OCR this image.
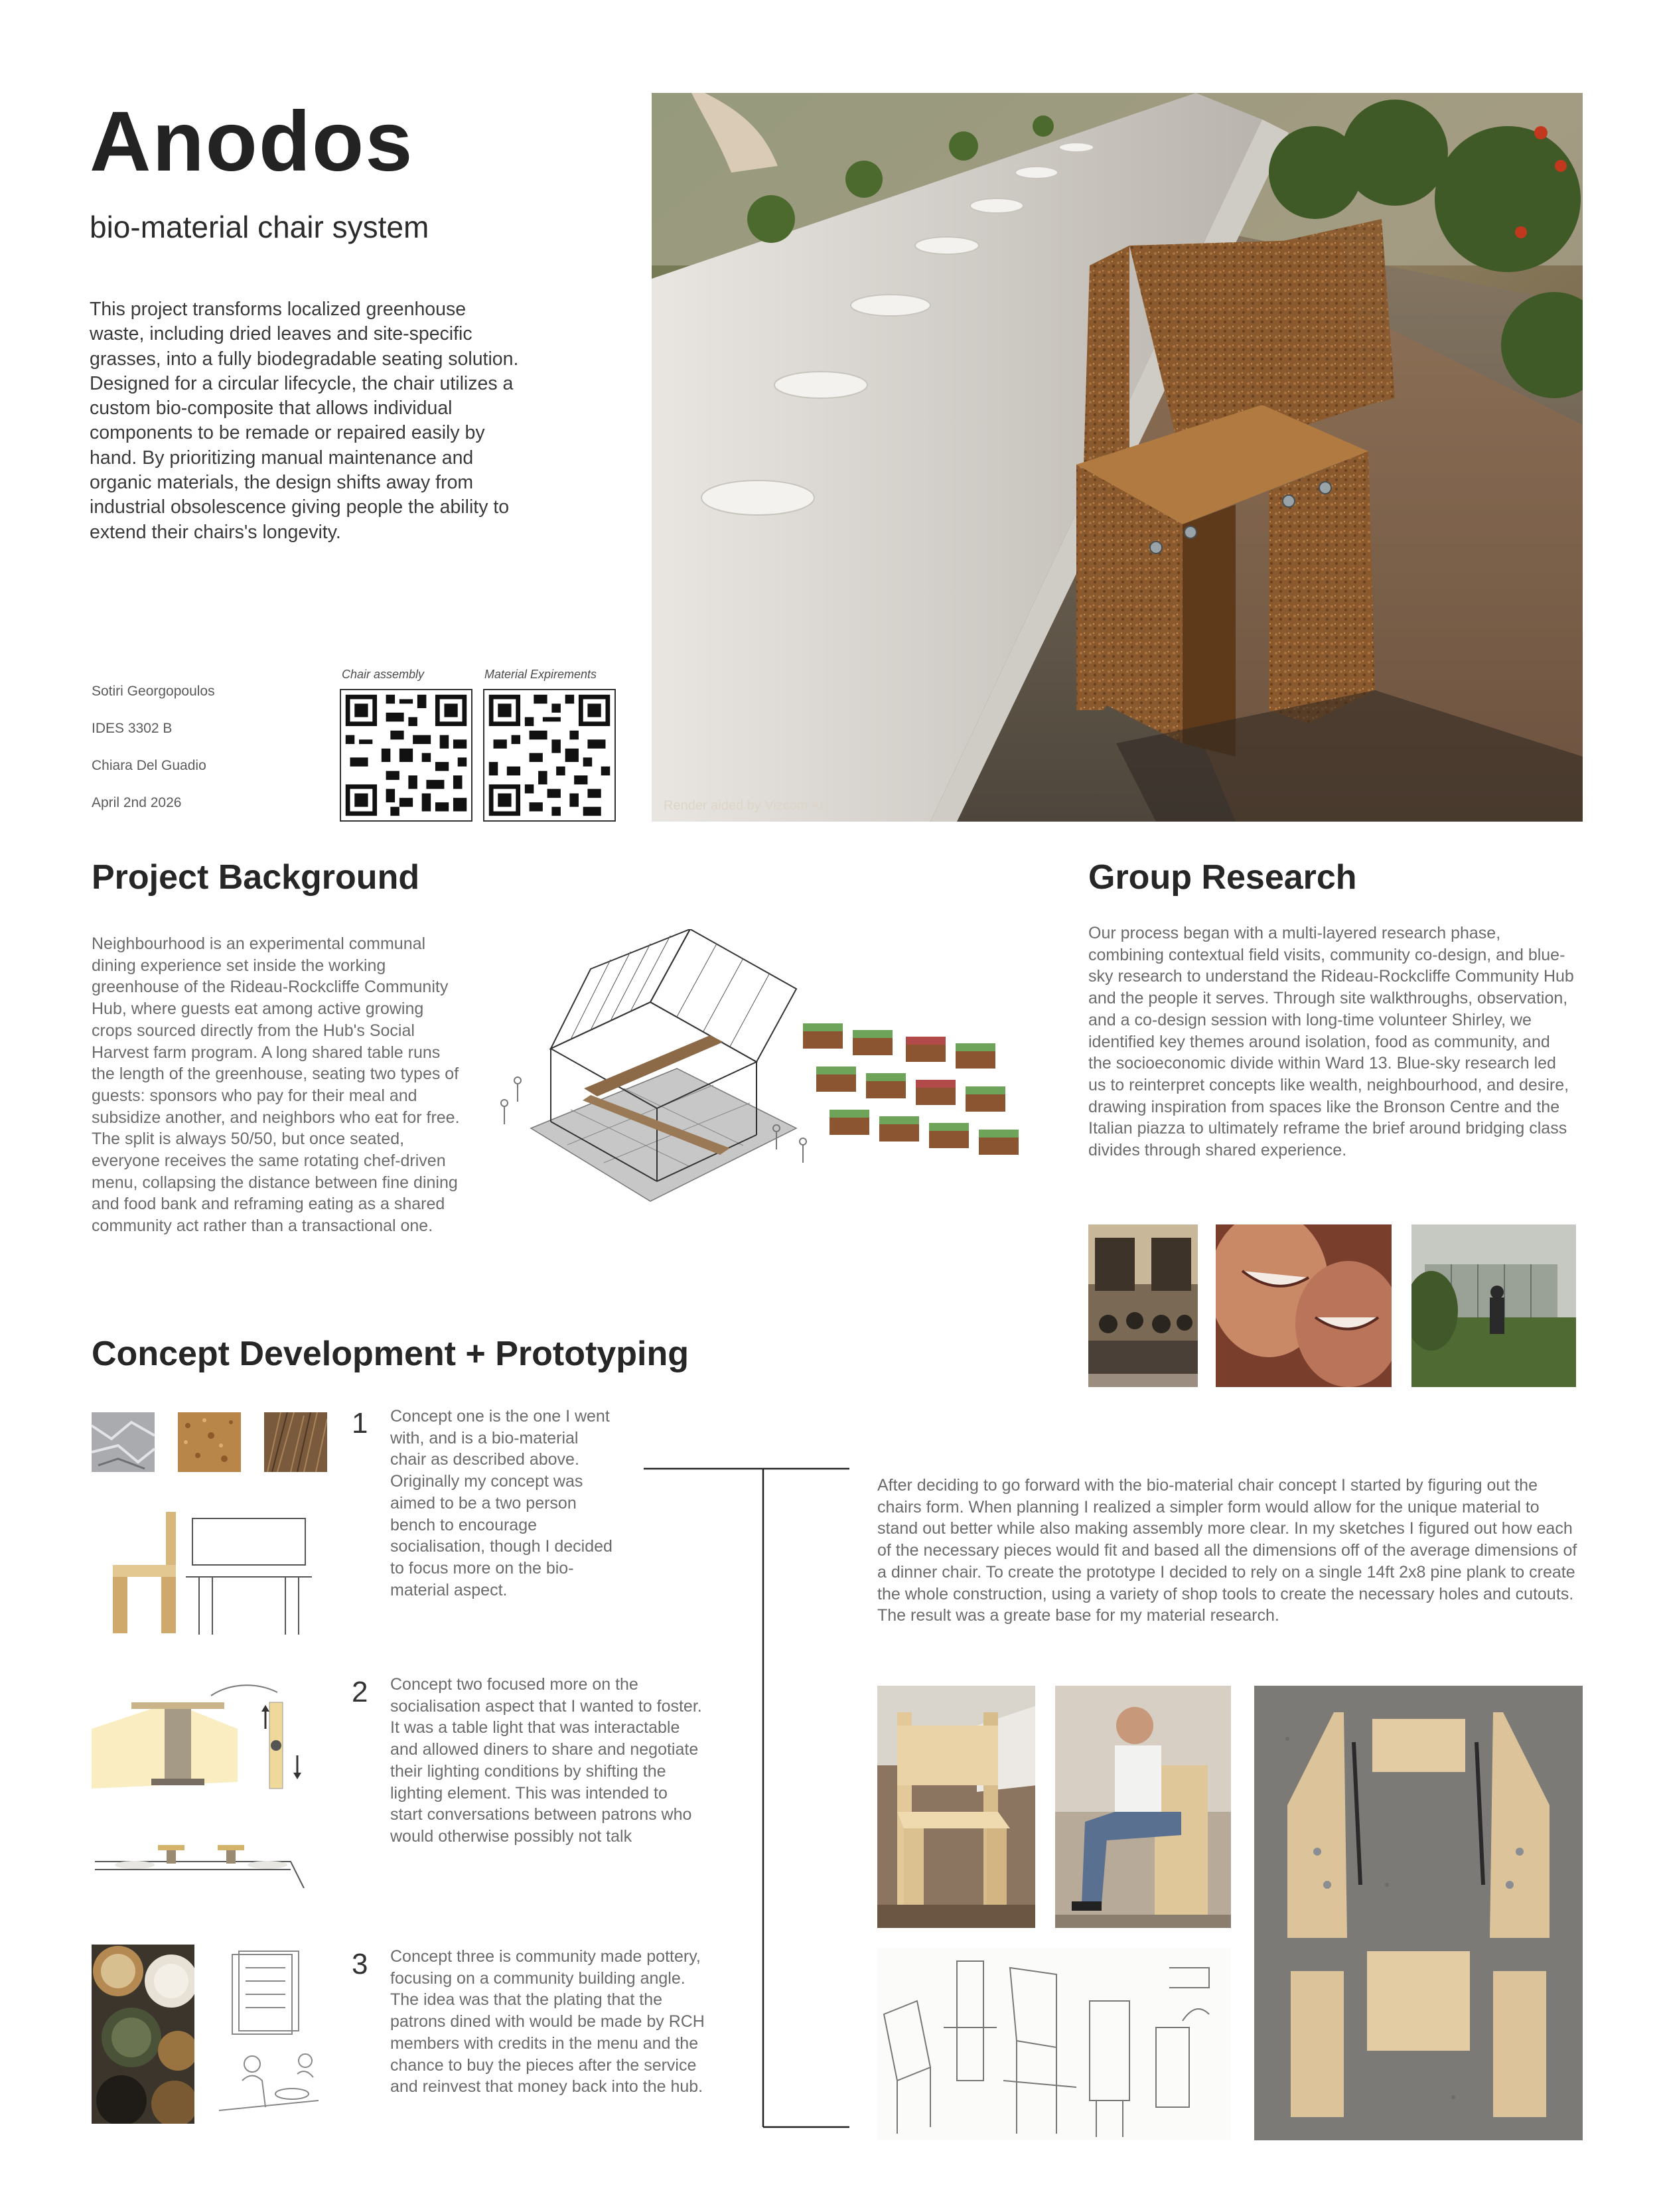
Anodos
bio-material chair system
This project transforms localized greenhouse waste, including dried leaves and site-specific grasses, into a fully biodegradable seating solution. Designed for a circular lifecycle, the chair utilizes a custom bio-composite that allows individual components to be remade or repaired easily by hand. By prioritizing manual maintenance and organic materials, the design shifts away from industrial obsolescence giving people the ability to extend their chairs's longevity.
Sotiri Georgopoulos
IDES 3302 B
Chiara Del Guadio
April 2nd 2026
Chair assembly	Material Expirements
Render aided by Vizcom AI
Project Background
Neighbourhood is an experimental communal dining experience set inside the working greenhouse of the Rideau-Rockcliffe Community Hub, where guests eat among active growing crops sourced directly from the Hub's Social Harvest farm program. A long shared table runs the length of the greenhouse, seating two types of guests: sponsors who pay for their meal and subsidize another, and neighbors who eat for free. The split is always 50/50, but once seated, everyone receives the same rotating chef-driven menu, collapsing the distance between fine dining and food bank and reframing eating as a shared community act rather than a transactional one.
Group Research
Our process began with a multi-layered research phase, combining contextual field visits, community co-design, and blue-sky research to understand the Rideau-Rockcliffe Community Hub and the people it serves. Through site walkthroughs, observation, and a co-design session with long-time volunteer Shirley, we identified key themes around isolation, food as community, and the socioeconomic divide within Ward 13. Blue-sky research led us to reinterpret concepts like wealth, neighbourhood, and desire, drawing inspiration from spaces like the Bronson Centre and the Italian piazza to ultimately reframe the brief around bridging class divides through shared experience.
Concept Development + Prototyping
1 Concept one is the one I went with, and is a bio-material chair as described above. Originally my concept was aimed to be a two person bench to encourage socialisation, though I decided to focus more on the bio-material aspect.
2 Concept two focused more on the socialisation aspect that I wanted to foster. It was a table light that was interactable and allowed diners to share and negotiate their lighting conditions by shifting the lighting element. This was intended to start conversations between patrons who would otherwise possibly not talk
3 Concept three is community made pottery, focusing on a community building angle. The idea was that the plating that the patrons dined with would be made by RCH members with credits in the menu and the chance to buy the pieces after the service and reinvest that money back into the hub.
After deciding to go forward with the bio-material chair concept I started by figuring out the chairs form. When planning I realized a simpler form would allow for the unique material to stand out better while also making assembly more clear. In my sketches I figured out how each of the necessary pieces would fit and based all the dimensions off of the average dimensions of a dinner chair. To create the prototype I decided to rely on a single 14ft 2x8 pine plank to create the whole construction, using a variety of shop tools to create the necessary holes and cutouts. The result was a greate base for my material research.
